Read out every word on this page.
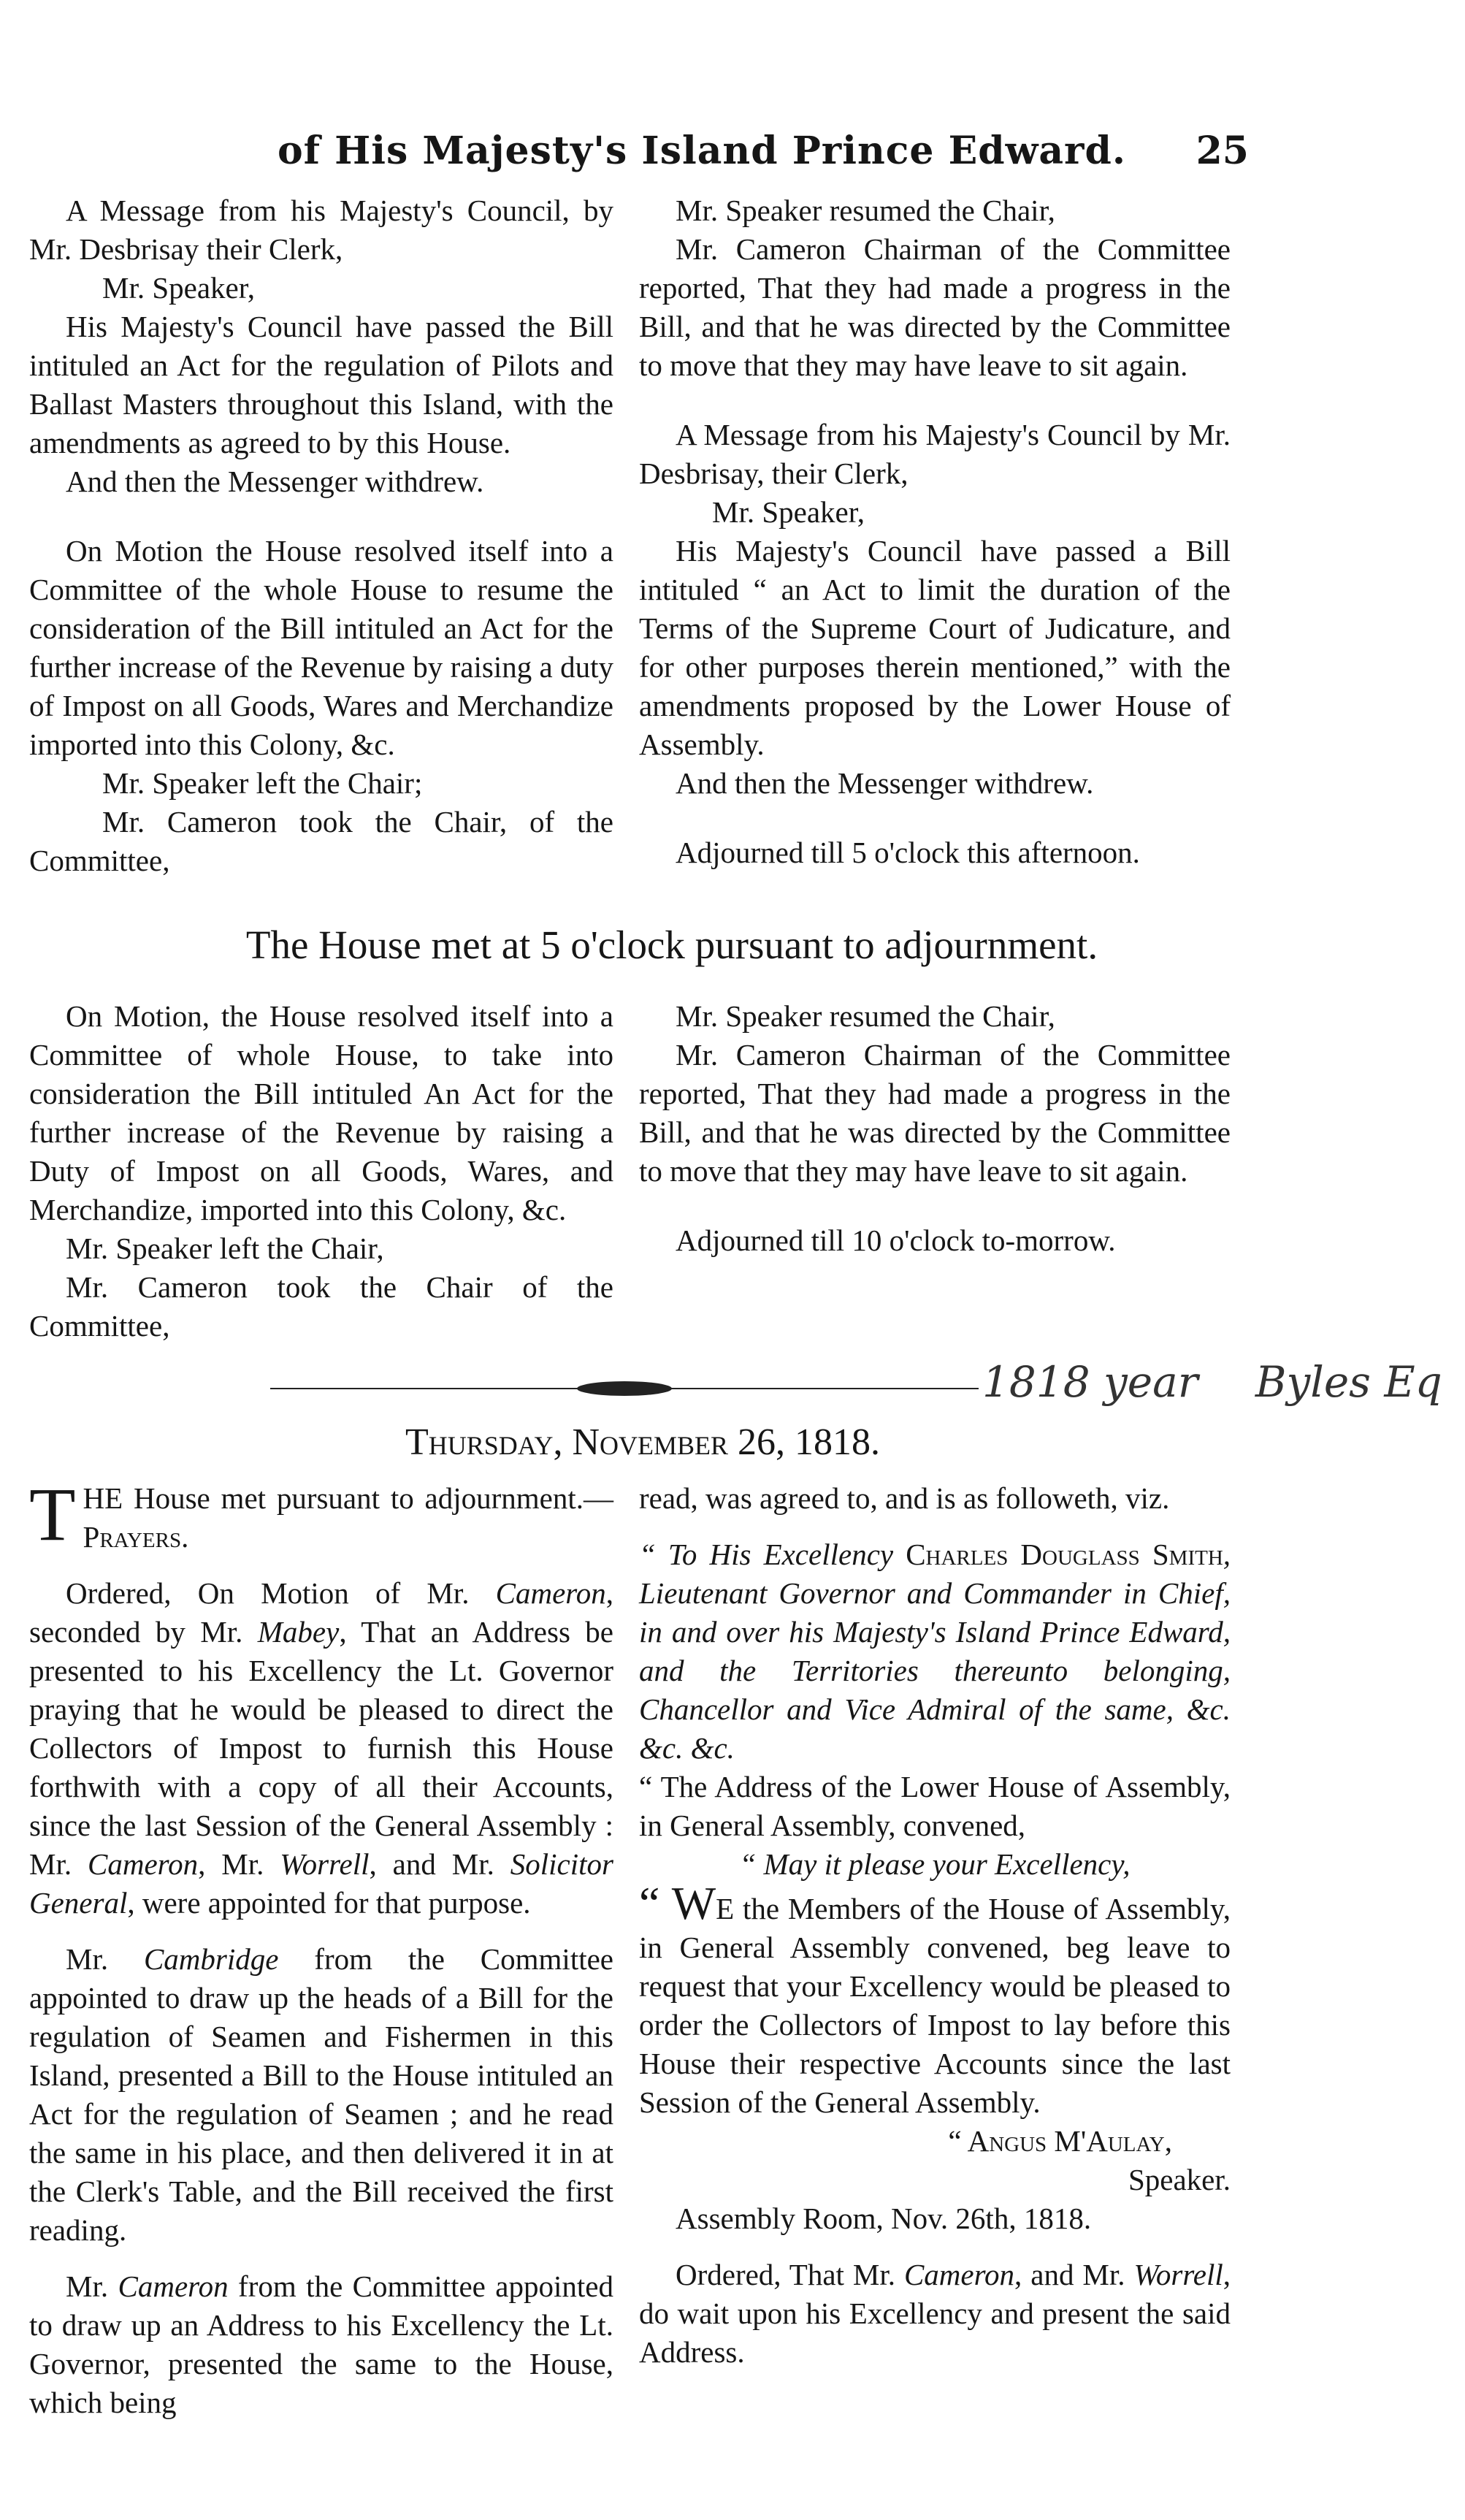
of His Majesty's Island Prince Edward. 25

A Message from his Majesty's Council, by Mr. Desbrisay their Clerk,

Mr. Speaker,

His Majesty's Council have passed the Bill intituled an Act for the regulation of Pilots and Ballast Masters throughout this Island, with the amendments as agreed to by this House.

And then the Messenger withdrew.

On Motion the House resolved itself into a Committee of the whole House to resume the consideration of the Bill intituled an Act for the further increase of the Revenue by raising a duty of Impost on all Goods, Wares and Merchandize imported into this Colony, &c.

Mr. Speaker left the Chair;

Mr. Cameron took the Chair, of the Committee,

Mr. Speaker resumed the Chair,

Mr. Cameron Chairman of the Committee reported, That they had made a progress in the Bill, and that he was directed by the Committee to move that they may have leave to sit again.

A Message from his Majesty's Council by Mr. Desbrisay, their Clerk,

Mr. Speaker,

His Majesty's Council have passed a Bill intituled “ an Act to limit the duration of the Terms of the Supreme Court of Judicature, and for other purposes therein mentioned,” with the amendments proposed by the Lower House of Assembly.

And then the Messenger withdrew.

Adjourned till 5 o'clock this afternoon.

The House met at 5 o'clock pursuant to adjournment.

On Motion, the House resolved itself into a Committee of whole House, to take into consideration the Bill intituled An Act for the further increase of the Revenue by raising a Duty of Impost on all Goods, Wares, and Merchandize, imported into this Colony, &c.

Mr. Speaker left the Chair,

Mr. Cameron took the Chair of the Committee,

Mr. Speaker resumed the Chair,

Mr. Cameron Chairman of the Committee reported, That they had made a progress in the Bill, and that he was directed by the Committee to move that they may have leave to sit again.

Adjourned till 10 o'clock to-morrow.

1818 year Byles Eq
Thursday, November 26, 1818.

THE House met pursuant to adjournment.—Prayers.

Ordered, On Motion of Mr. Cameron, seconded by Mr. Mabey, That an Address be presented to his Excellency the Lt. Governor praying that he would be pleased to direct the Collectors of Impost to furnish this House forthwith with a copy of all their Accounts, since the last Session of the General Assembly : Mr. Cameron, Mr. Worrell, and Mr. Solicitor General, were appointed for that purpose.

Mr. Cambridge from the Committee appointed to draw up the heads of a Bill for the regulation of Seamen and Fishermen in this Island, presented a Bill to the House intituled an Act for the regulation of Seamen ; and he read the same in his place, and then delivered it in at the Clerk's Table, and the Bill received the first reading.

Mr. Cameron from the Committee appointed to draw up an Address to his Excellency the Lt. Governor, presented the same to the House, which being

read, was agreed to, and is as followeth, viz.

“ To His Excellency Charles Douglass Smith, Lieutenant Governor and Commander in Chief, in and over his Majesty's Island Prince Edward, and the Territories thereunto belonging, Chancellor and Vice Admiral of the same, &c. &c. &c.

“ The Address of the Lower House of Assembly, in General Assembly, convened,

“ May it please your Excellency,

“ WE the Members of the House of Assembly, in General Assembly convened, beg leave to request that your Excellency would be pleased to order the Collectors of Impost to lay before this House their respective Accounts since the last Session of the General Assembly.

“ Angus M'Aulay,

Speaker.

Assembly Room, Nov. 26th, 1818.

Ordered, That Mr. Cameron, and Mr. Worrell, do wait upon his Excellency and present the said Address.
